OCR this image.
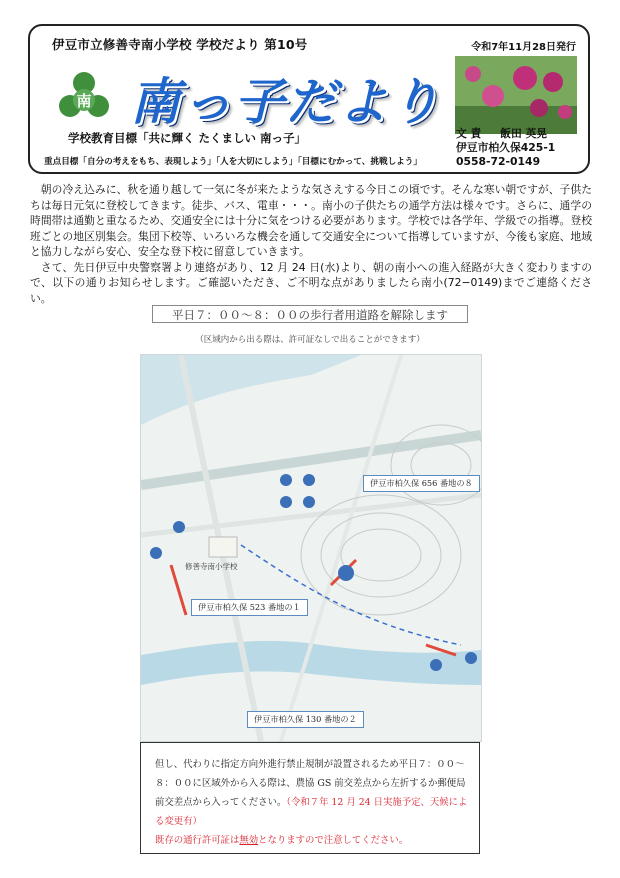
伊豆市立修善寺南小学校 学校だより 第10号	令和7年11月28日発行
南 南っ子だより
学校教育目標「共に輝く たくましい 南っ子」
重点目標「自分の考えをもち、表現しよう」「人を大切にしよう」「目標にむかって、挑戦しよう」
文 責 飯田 英晃
伊豆市柏久保425-1
0558-72-0149

朝の冷え込みに、秋を通り越して一気に冬が来たような気さえする今日この頃です。そんな寒い朝ですが、子供たちは毎日元気に登校してきます。徒歩、バス、電車・・・。南小の子供たちの通学方法は様々です。さらに、通学の時間帯は通勤と重なるため、交通安全には十分に気をつける必要があります。学校では各学年、学級での指導。登校班ごとの地区別集会。集団下校等、いろいろな機会を通して交通安全について指導していますが、今後も家庭、地域と協力しながら安心、安全な登下校に留意していきます。

さて、先日伊豆中央警察署より連絡があり、12 月 24 日(水)より、朝の南小への進入経路が大きく変わりますので、以下の通りお知らせします。ご確認いただき、ご不明な点がありましたら南小(72−0149)までご連絡ください。

平日７：００〜８：００の歩行者用道路を解除します
（区域内から出る際は、許可証なしで出ることができます）
修善寺南小学校
伊豆市柏久保 656 番地の８
伊豆市柏久保 523 番地の１
伊豆市柏久保 130 番地の２
但し、代わりに指定方向外進行禁止規制が設置されるため平日７：００〜８：００に区域外から入る際は、農協 GS 前交差点から左折するか郵便局前交差点から入ってください。（令和７年 12 月 24 日実施予定、天候による変更有）
既存の通行許可証は無効となりますので注意してください。
